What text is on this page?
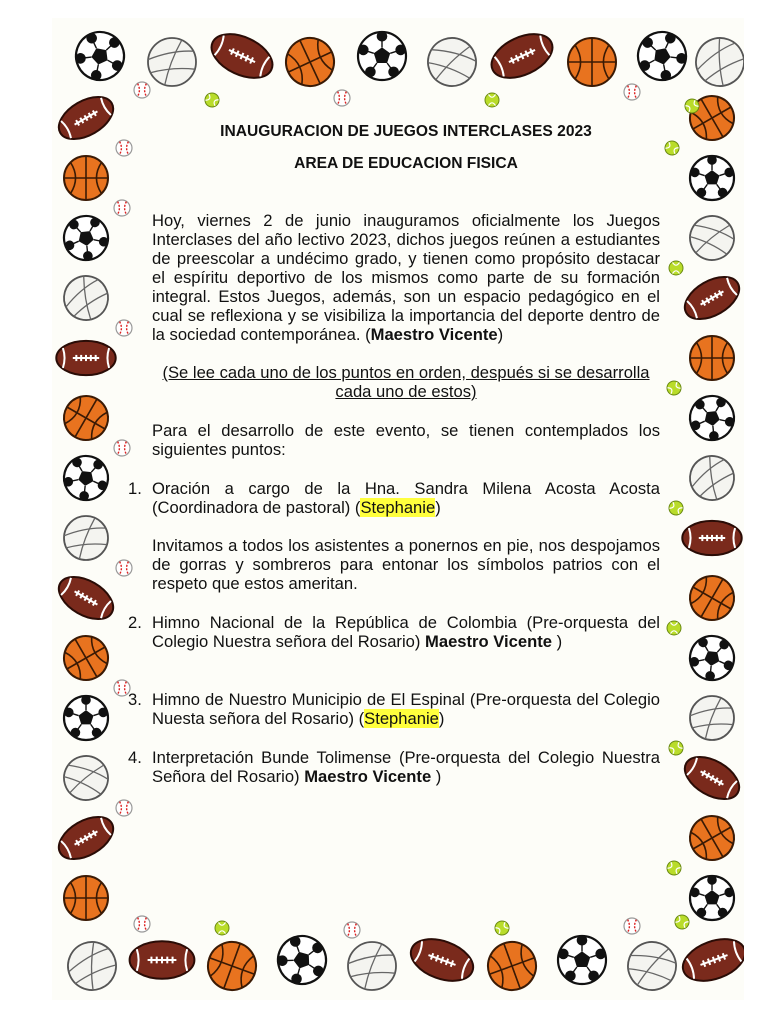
INAUGURACION DE JUEGOS INTERCLASES 2023

AREA DE EDUCACION FISICA

Hoy, viernes 2 de junio inauguramos oficialmente los Juegos Interclases del año lectivo 2023, dichos juegos reúnen a estudiantes de preescolar a undécimo grado, y tienen como propósito destacar el espíritu deportivo de los mismos como parte de su formación integral. Estos Juegos, además, son un espacio pedagógico en el cual se reflexiona y se visibiliza la importancia del deporte dentro de la sociedad contemporánea. (Maestro Vicente)

(Se lee cada uno de los puntos en orden, después si se desarrolla cada uno de estos)

Para el desarrollo de este evento, se tienen contemplados los siguientes puntos:

1. Oración a cargo de la Hna. Sandra Milena Acosta Acosta (Coordinadora de pastoral) (Stephanie)
Invitamos a todos los asistentes a ponernos en pie, nos despojamos de gorras y sombreros para entonar los símbolos patrios con el respeto que estos ameritan.
2. Himno Nacional de la República de Colombia (Pre-orquesta del Colegio Nuestra señora del Rosario) Maestro Vicente )
3. Himno de Nuestro Municipio de El Espinal (Pre-orquesta del Colegio Nuesta señora del Rosario) (Stephanie)
4. Interpretación Bunde Tolimense (Pre-orquesta del Colegio Nuestra Señora del Rosario) Maestro Vicente )
